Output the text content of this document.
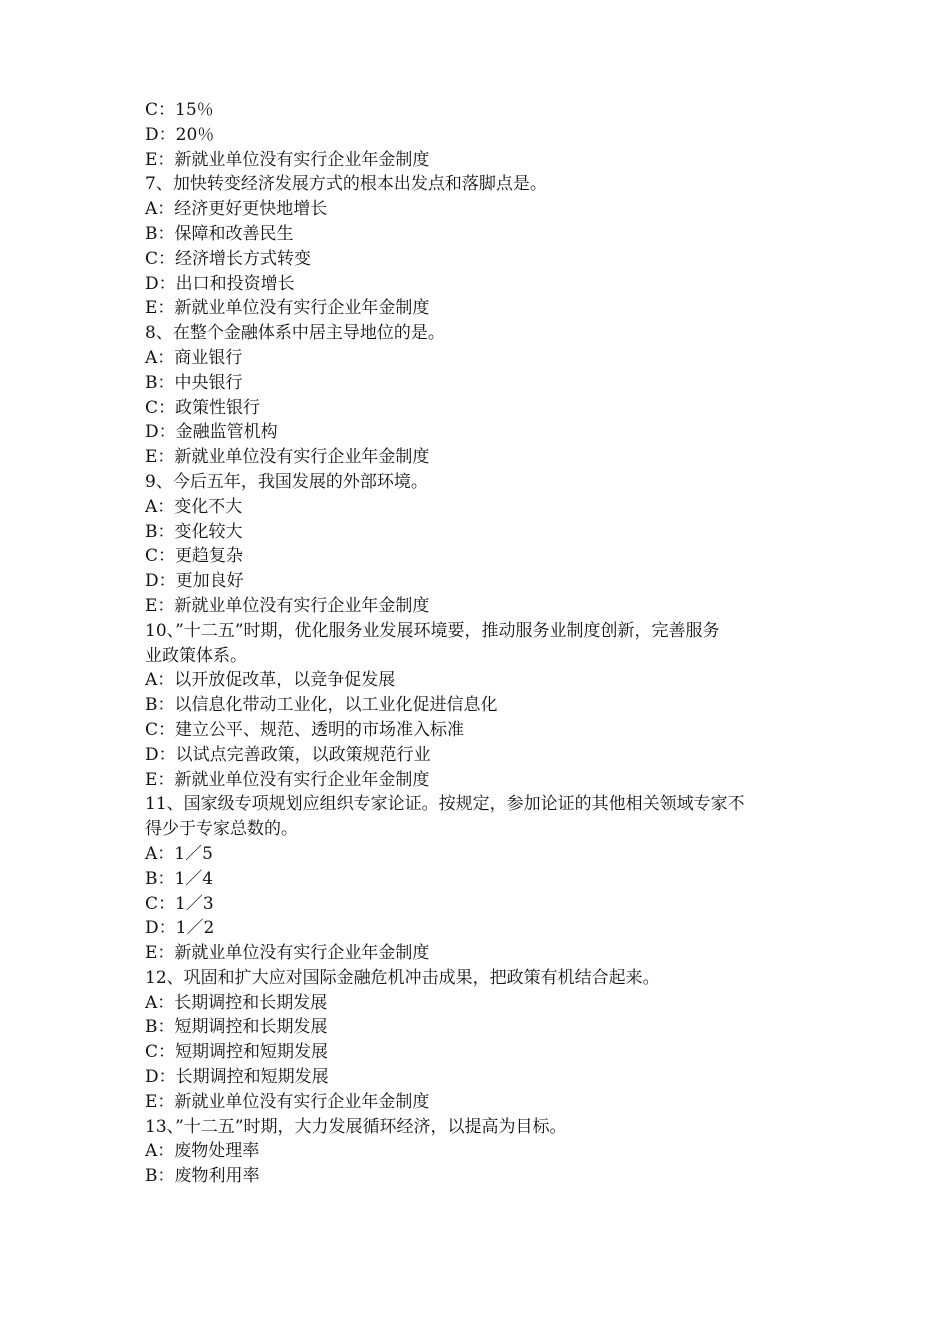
C：15％
D：20％
E：新就业单位没有实行企业年金制度
7、加快转变经济发展方式的根本出发点和落脚点是。
A：经济更好更快地增长
B：保障和改善民生
C：经济增长方式转变
D：出口和投资增长
E：新就业单位没有实行企业年金制度
8、在整个金融体系中居主导地位的是。
A：商业银行
B：中央银行
C：政策性银行
D：金融监管机构
E：新就业单位没有实行企业年金制度
9、今后五年，我国发展的外部环境。
A：变化不大
B：变化较大
C：更趋复杂
D：更加良好
E：新就业单位没有实行企业年金制度
10、”十二五”时期，优化服务业发展环境要，推动服务业制度创新，完善服务
业政策体系。
A：以开放促改革，以竞争促发展
B：以信息化带动工业化，以工业化促进信息化
C：建立公平、规范、透明的市场准入标准
D：以试点完善政策，以政策规范行业
E：新就业单位没有实行企业年金制度
11、国家级专项规划应组织专家论证。按规定，参加论证的其他相关领域专家不
得少于专家总数的。
A：1／5
B：1／4
C：1／3
D：1／2
E：新就业单位没有实行企业年金制度
12、巩固和扩大应对国际金融危机冲击成果，把政策有机结合起来。
A：长期调控和长期发展
B：短期调控和长期发展
C：短期调控和短期发展
D：长期调控和短期发展
E：新就业单位没有实行企业年金制度
13、”十二五”时期，大力发展循环经济，以提高为目标。
A：废物处理率
B：废物利用率
